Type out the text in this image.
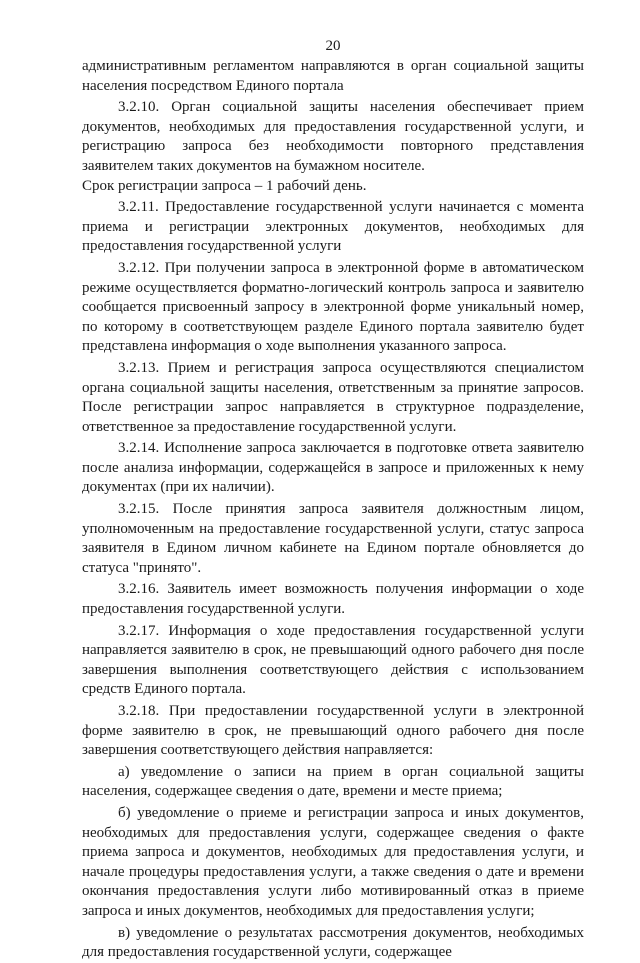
20

административным регламентом направляются в орган социальной защиты населения посредством Единого портала

3.2.10. Орган социальной защиты населения обеспечивает прием документов, необходимых для предоставления государственной услуги, и регистрацию запроса без необходимости повторного представления заявителем таких документов на бумажном носителе.

Срок регистрации запроса – 1 рабочий день.

3.2.11. Предоставление государственной услуги начинается с момента приема и регистрации электронных документов, необходимых для предоставления государственной услуги

3.2.12. При получении запроса в электронной форме в автоматическом режиме осуществляется форматно-логический контроль запроса и заявителю сообщается присвоенный запросу в электронной форме уникальный номер, по которому в соответствующем разделе Единого портала заявителю будет представлена информация о ходе выполнения указанного запроса.

3.2.13. Прием и регистрация запроса осуществляются специалистом органа социальной защиты населения, ответственным за принятие запросов. После регистрации запрос направляется в структурное подразделение, ответственное за предоставление государственной услуги.

3.2.14. Исполнение запроса заключается в подготовке ответа заявителю после анализа информации, содержащейся в запросе и приложенных к нему документах (при их наличии).

3.2.15. После принятия запроса заявителя должностным лицом, уполномоченным на предоставление государственной услуги, статус запроса заявителя в Едином личном кабинете на Едином портале обновляется до статуса "принято".

3.2.16. Заявитель имеет возможность получения информации о ходе предоставления государственной услуги.

3.2.17. Информация о ходе предоставления государственной услуги направляется заявителю в срок, не превышающий одного рабочего дня после завершения выполнения соответствующего действия с использованием средств Единого портала.

3.2.18. При предоставлении государственной услуги в электронной форме заявителю в срок, не превышающий одного рабочего дня после завершения соответствующего действия направляется:

а) уведомление о записи на прием в орган социальной защиты населения, содержащее сведения о дате, времени и месте приема;

б) уведомление о приеме и регистрации запроса и иных документов, необходимых для предоставления услуги, содержащее сведения о факте приема запроса и документов, необходимых для предоставления услуги, и начале процедуры предоставления услуги, а также сведения о дате и времени окончания предоставления услуги либо мотивированный отказ в приеме запроса и иных документов, необходимых для предоставления услуги;

в) уведомление о результатах рассмотрения документов, необходимых для предоставления государственной услуги, содержащее
